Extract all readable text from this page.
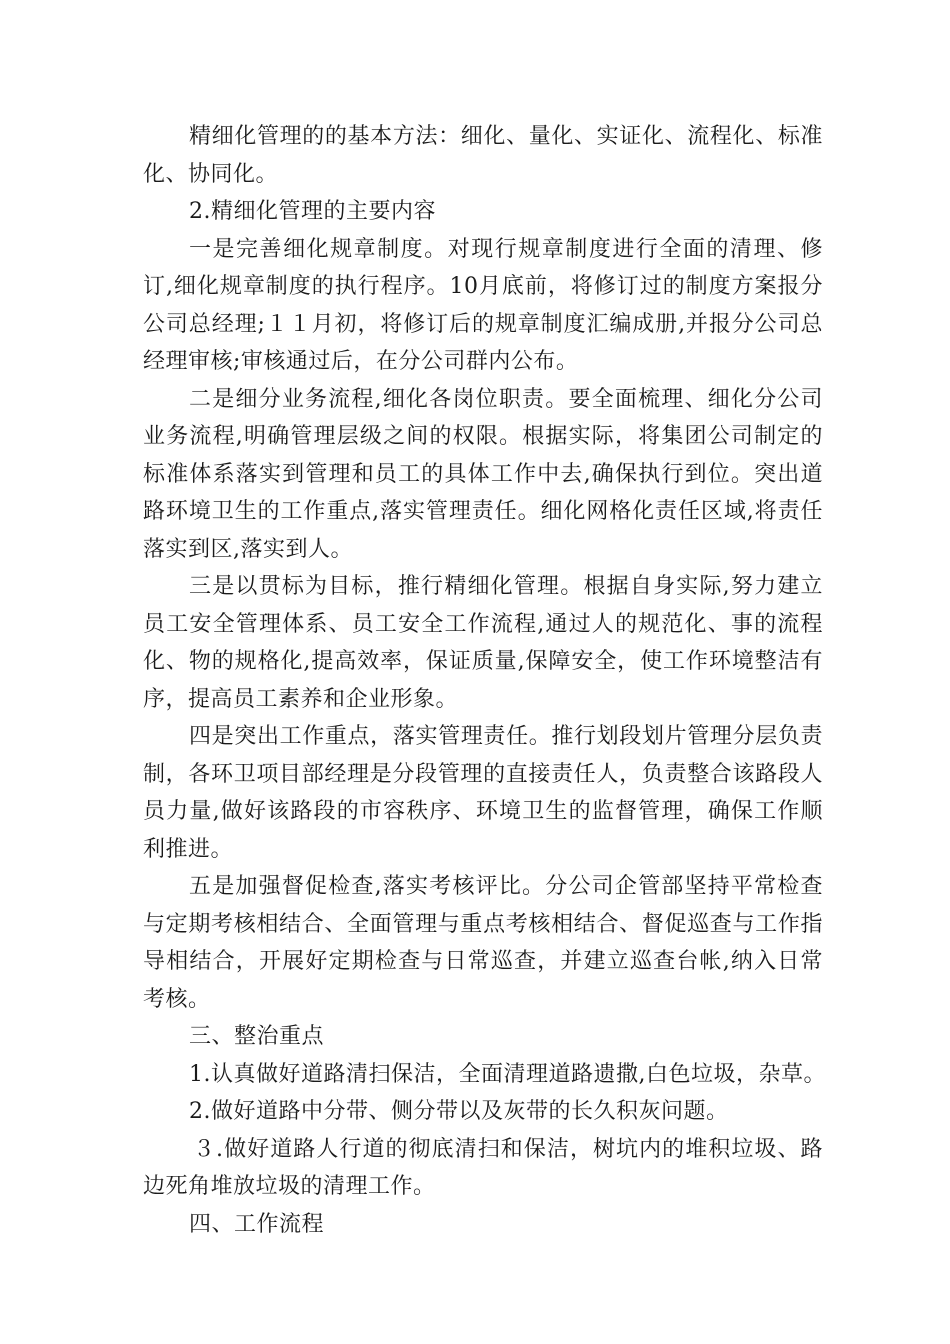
精细化管理的的基本方法：细化、量化、实证化、流程化、标准化、协同化。

2.精细化管理的主要内容

一是完善细化规章制度。对现行规章制度进行全面的清理、修订,细化规章制度的执行程序。10月底前，将修订过的制度方案报分公司总经理;１１月初，将修订后的规章制度汇编成册,并报分公司总经理审核;审核通过后，在分公司群内公布。

二是细分业务流程,细化各岗位职责。要全面梳理、细化分公司业务流程,明确管理层级之间的权限。根据实际，将集团公司制定的标准体系落实到管理和员工的具体工作中去,确保执行到位。突出道路环境卫生的工作重点,落实管理责任。细化网格化责任区域,将责任落实到区,落实到人。

三是以贯标为目标，推行精细化管理。根据自身实际,努力建立员工安全管理体系、员工安全工作流程,通过人的规范化、事的流程化、物的规格化,提高效率，保证质量,保障安全，使工作环境整洁有序，提高员工素养和企业形象。

四是突出工作重点，落实管理责任。推行划段划片管理分层负责制，各环卫项目部经理是分段管理的直接责任人，负责整合该路段人员力量,做好该路段的市容秩序、环境卫生的监督管理，确保工作顺利推进。

五是加强督促检查,落实考核评比。分公司企管部坚持平常检查与定期考核相结合、全面管理与重点考核相结合、督促巡查与工作指导相结合，开展好定期检查与日常巡查，并建立巡查台帐,纳入日常考核。

三、整治重点

1.认真做好道路清扫保洁，全面清理道路遗撒,白色垃圾，杂草。

2.做好道路中分带、侧分带以及灰带的长久积灰问题。

３.做好道路人行道的彻底清扫和保洁，树坑内的堆积垃圾、路边死角堆放垃圾的清理工作。

四、工作流程
